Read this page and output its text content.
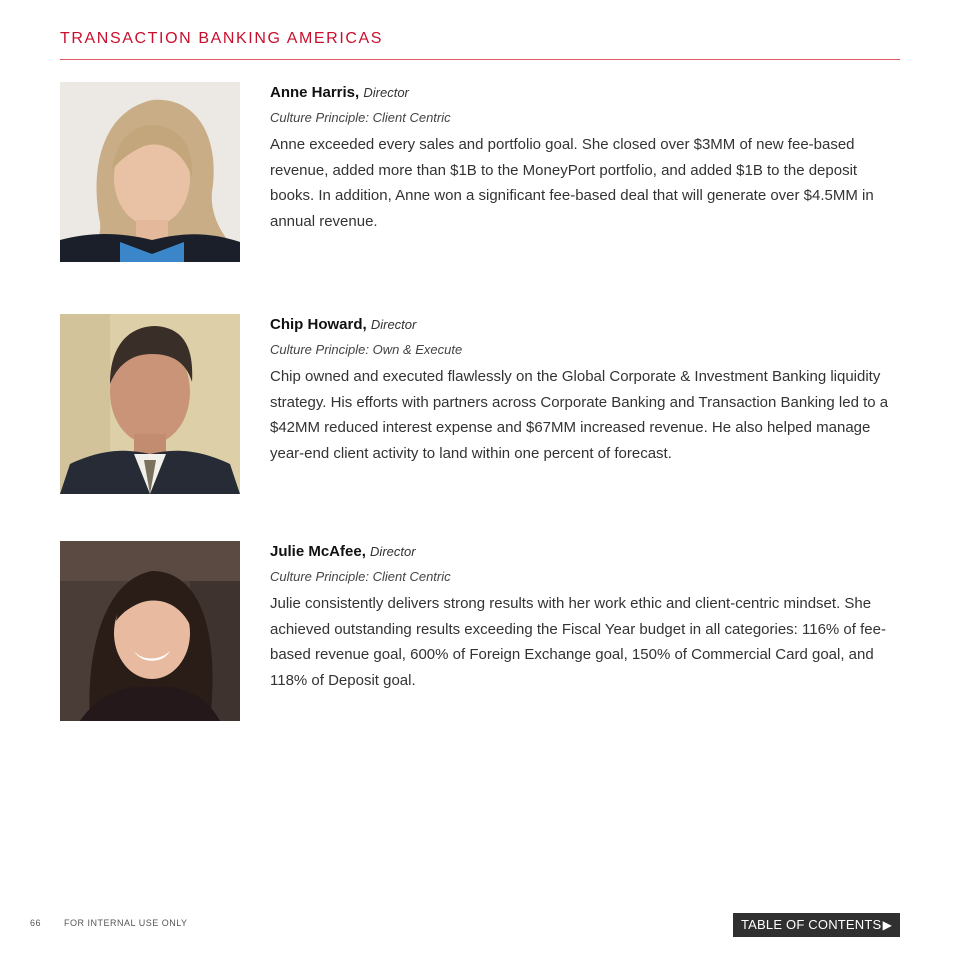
TRANSACTION BANKING AMERICAS
Anne Harris, Director
Culture Principle: Client Centric
Anne exceeded every sales and portfolio goal. She closed over $3MM of new fee-based revenue, added more than $1B to the MoneyPort portfolio, and added $1B to the deposit books. In addition, Anne won a significant fee-based deal that will generate over $4.5MM in annual revenue.
Chip Howard, Director
Culture Principle: Own & Execute
Chip owned and executed flawlessly on the Global Corporate & Investment Banking liquidity strategy. His efforts with partners across Corporate Banking and Transaction Banking led to a $42MM reduced interest expense and $67MM increased revenue. He also helped manage year-end client activity to land within one percent of forecast.
Julie McAfee, Director
Culture Principle: Client Centric
Julie consistently delivers strong results with her work ethic and client-centric mindset. She achieved outstanding results exceeding the Fiscal Year budget in all categories: 116% of fee-based revenue goal, 600% of Foreign Exchange goal, 150% of Commercial Card goal, and 118% of Deposit goal.
66	FOR INTERNAL USE ONLY	TABLE OF CONTENTS ▶
